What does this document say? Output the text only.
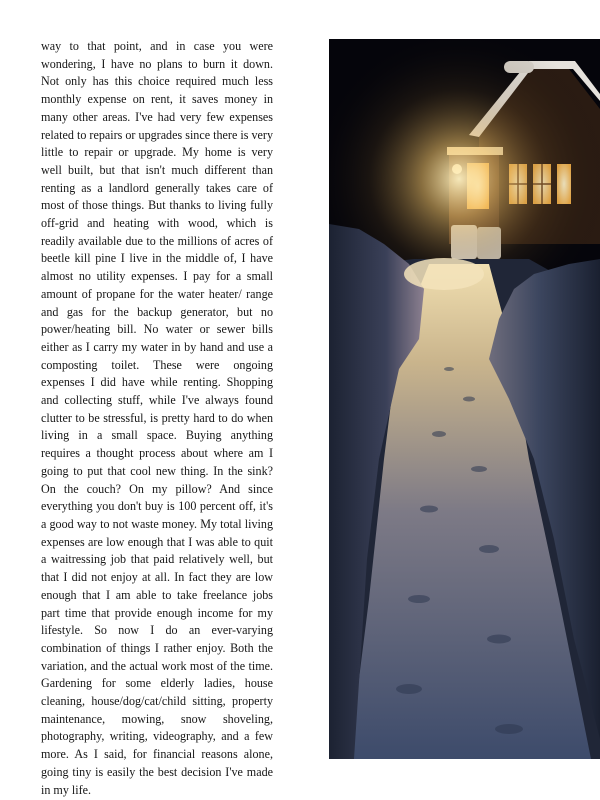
way to that point, and in case you were wondering, I have no plans to burn it down. Not only has this choice required much less monthly expense on rent, it saves money in many other areas. I've had very few expenses related to repairs or upgrades since there is very little to repair or upgrade. My home is very well built, but that isn't much different than renting as a landlord generally takes care of most of those things. But thanks to living fully off-grid and heating with wood, which is readily available due to the millions of acres of beetle kill pine I live in the middle of, I have almost no utility expenses. I pay for a small amount of propane for the water heater/ range and gas for the backup generator, but no power/heating bill. No water or sewer bills either as I carry my water in by hand and use a composting toilet. These were ongoing expenses I did have while renting. Shopping and collecting stuff, while I've always found clutter to be stressful, is pretty hard to do when living in a small space. Buying anything requires a thought process about where am I going to put that cool new thing. In the sink? On the couch? On my pillow? And since everything you don't buy is 100 percent off, it's a good way to not waste money. My total living expenses are low enough that I was able to quit a waitressing job that paid relatively well, but that I did not enjoy at all. In fact they are low enough that I am able to take freelance jobs part time that provide enough income for my lifestyle. So now I do an ever-varying combination of things I rather enjoy. Both the variation, and the actual work most of the time. Gardening for some elderly ladies, house cleaning, house/dog/cat/child sitting, property maintenance, mowing, snow shoveling, photography, writing, videography, and a few more. As I said, for financial reasons alone, going tiny is easily the best decision I've made in my life.
